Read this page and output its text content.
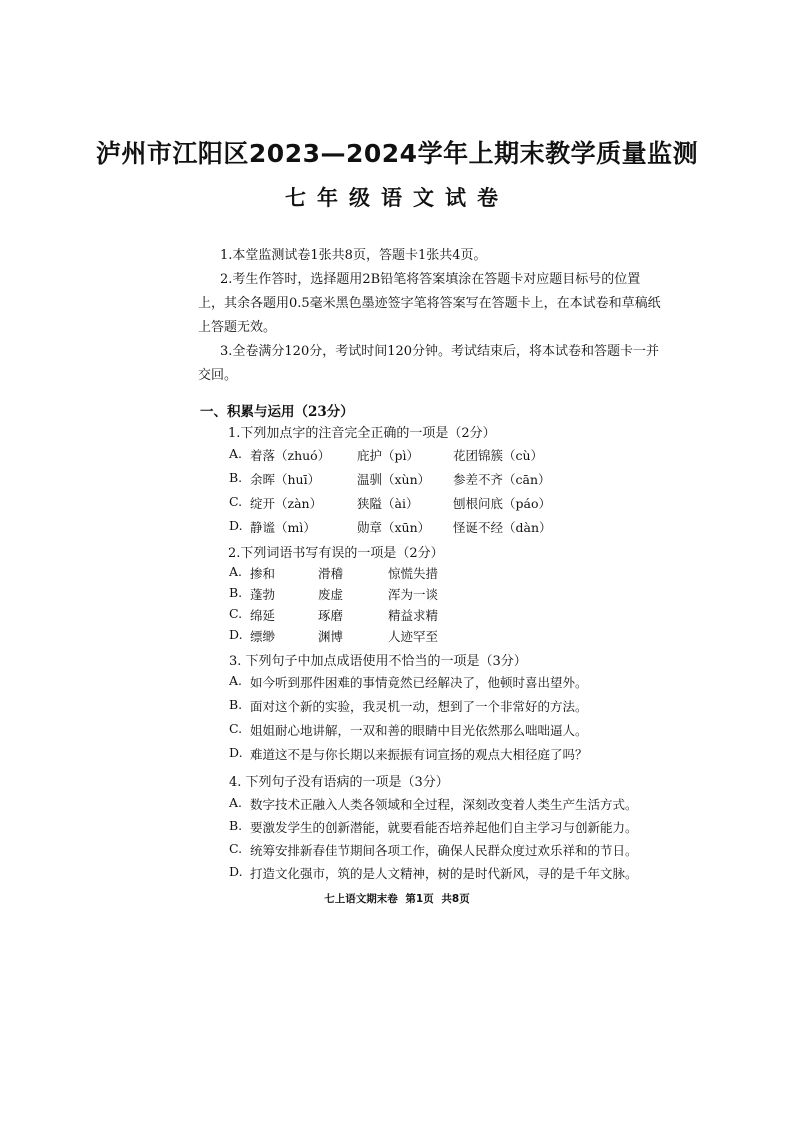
泸州市江阳区2023—2024学年上期末教学质量监测
七年级语文试卷

1.本堂监测试卷1张共8页，答题卡1张共4页。

2.考生作答时，选择题用2B铅笔将答案填涂在答题卡对应题目标号的位置上，其余各题用0.5毫米黑色墨迹签字笔将答案写在答题卡上，在本试卷和草稿纸上答题无效。

3.全卷满分120分，考试时间120分钟。考试结束后，将本试卷和答题卡一并交回。

一、积累与运用（23分）
1.下列加点字的注音完全正确的一项是（2分）
A. 着落（zhuó） 庇护（pì）	花团锦簇（cù）
B. 余晖（huī）	温驯（xùn） 参差不齐（cān）
C. 绽开（zàn）	狭隘（ài）	刨根问底（páo）
D. 静谧（mì）	勋章（xūn） 怪诞不经（dàn）
2.下列词语书写有误的一项是（2分）
A. 掺和	滑稽	惊慌失措
B. 蓬勃	废虚	浑为一谈
C. 绵延	琢磨	精益求精
D. 缥缈	渊博	人迹罕至
3. 下列句子中加点成语使用不恰当的一项是（3分）
A. 如今听到那件困难的事情竟然已经解决了，他顿时喜出望外。
B. 面对这个新的实验，我灵机一动，想到了一个非常好的方法。
C. 姐姐耐心地讲解，一双和善的眼睛中目光依然那么咄咄逼人。
D. 难道这不是与你长期以来振振有词宣扬的观点大相径庭了吗？
4. 下列句子没有语病的一项是（3分）
A. 数字技术正融入人类各领域和全过程，深刻改变着人类生产生活方式。
B. 要激发学生的创新潜能，就要看能否培养起他们自主学习与创新能力。
C. 统筹安排新春佳节期间各项工作，确保人民群众度过欢乐祥和的节日。
D. 打造文化强市，筑的是人文精神，树的是时代新风，寻的是千年文脉。
七上语文期末卷 第1页 共8页
